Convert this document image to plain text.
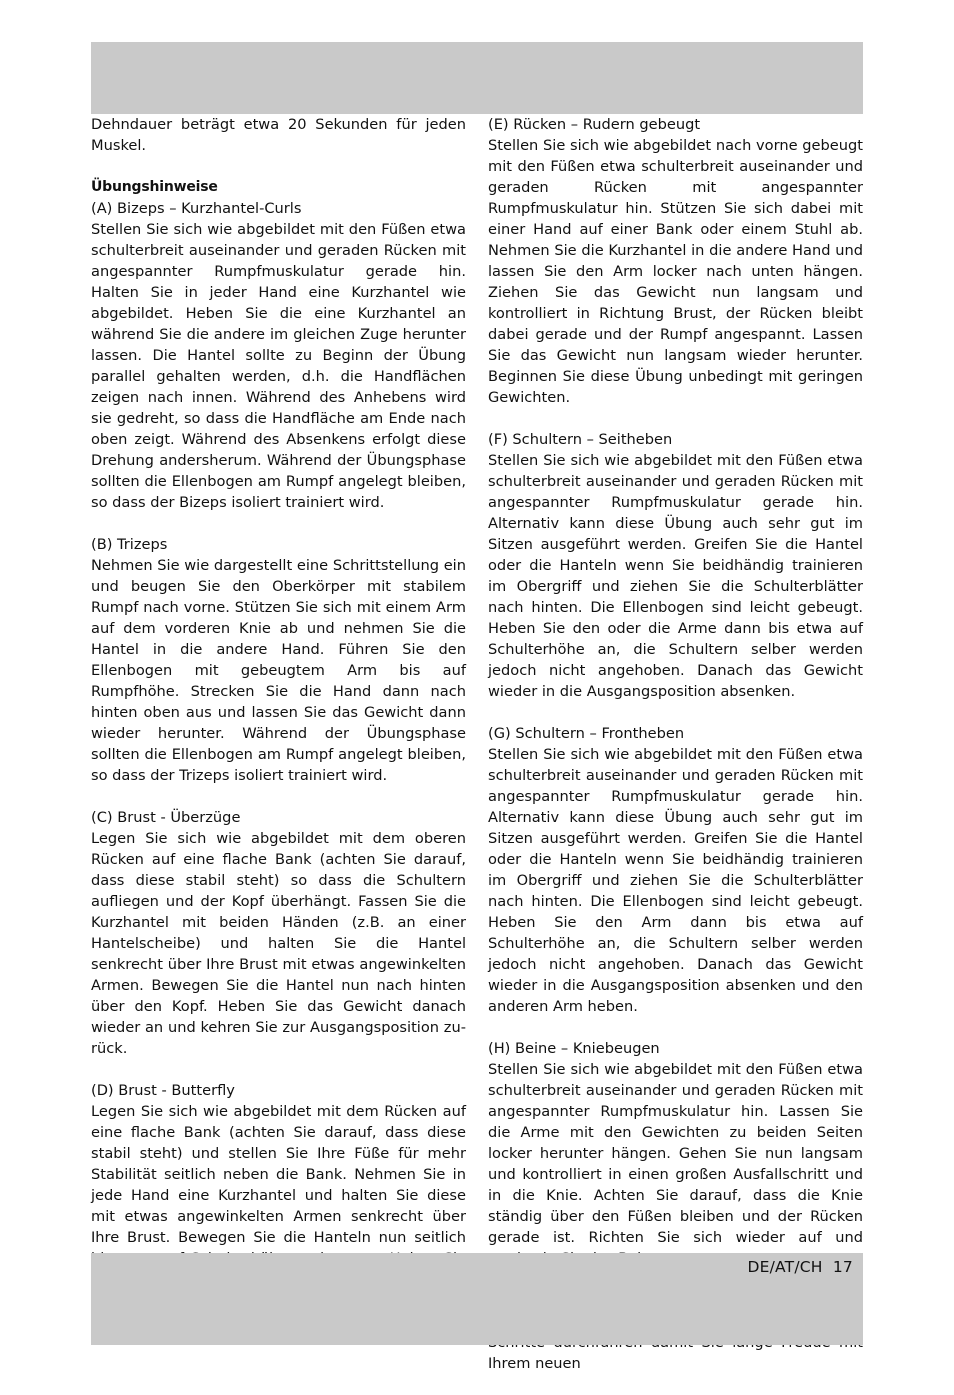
Dehndauer beträgt etwa 20 Sekunden für jeden Muskel.

Übungshinweise
(A) Bizeps – Kurzhantel-Curls
Stellen Sie sich wie abgebildet mit den Füßen etwa schulterbreit auseinander und geraden Rücken mit angespannter Rumpfmuskulatur gerade hin. Halten Sie in jeder Hand eine Kurzhantel wie abgebildet. Heben Sie die eine Kurzhantel an während Sie die andere im gleichen Zuge herunter lassen. Die Hantel sollte zu Beginn der Übung parallel gehalten werden, d.h. die Handflächen zeigen nach innen. Während des Anhebens wird sie gedreht, so dass die Handfläche am Ende nach oben zeigt. Während des Absenkens erfolgt diese Drehung andersherum. Während der Übungsphase sollten die Ellenbogen am Rumpf angelegt bleiben, so dass der Bizeps isoliert trainiert wird.

(B) Trizeps
Nehmen Sie wie dargestellt eine Schrittstellung ein und beugen Sie den Oberkörper mit stabilem Rumpf nach vorne. Stützen Sie sich mit einem Arm auf dem vorderen Knie ab und nehmen Sie die Hantel in die andere Hand. Führen Sie den Ellenbogen mit gebeugtem Arm bis auf Rumpfhöhe. Strecken Sie die Hand dann nach hinten oben aus und lassen Sie das Gewicht dann wieder herunter. Während der Übungsphase sollten die Ellenbogen am Rumpf angelegt bleiben, so dass der Trizeps isoliert trainiert wird.

(C) Brust - Überzüge
Legen Sie sich wie abgebildet mit dem oberen Rücken auf eine flache Bank (achten Sie darauf, dass diese stabil steht) so dass die Schultern aufliegen und der Kopf überhängt. Fassen Sie die Kurzhantel mit beiden Händen (z.B. an einer Hantelscheibe) und halten Sie die Hantel senkrecht über Ihre Brust mit etwas angewinkelten Armen. Bewegen Sie die Hantel nun nach hinten über den Kopf. Heben Sie das Gewicht danach wieder an und kehren Sie zur Ausgangsposition zurück.

(D) Brust - Butterfly
Legen Sie sich wie abgebildet mit dem Rücken auf eine flache Bank (achten Sie darauf, dass diese stabil steht) und stellen Sie Ihre Füße für mehr Stabilität seitlich neben die Bank. Nehmen Sie in jede Hand eine Kurzhantel und halten Sie diese mit etwas angewinkelten Armen senkrecht über Ihre Brust. Bewegen Sie die Hanteln nun seitlich

(E) Rücken – Rudern gebeugt
Stellen Sie sich wie abgebildet nach vorne gebeugt mit den Füßen etwa schulterbreit auseinander und geraden Rücken mit angespannter Rumpfmuskulatur hin. Stützen Sie sich dabei mit einer Hand auf einer Bank oder einem Stuhl ab. Nehmen Sie die Kurzhantel in die andere Hand und lassen Sie den Arm locker nach unten hängen. Ziehen Sie das Gewicht nun langsam und kontrolliert in Richtung Brust, der Rücken bleibt dabei gerade und der Rumpf angespannt. Lassen Sie das Gewicht nun langsam wieder herunter. Beginnen Sie diese Übung unbedingt mit geringen Gewichten.

(F) Schultern – Seitheben
Stellen Sie sich wie abgebildet mit den Füßen etwa schulterbreit auseinander und geraden Rücken mit angespannter Rumpfmuskulatur gerade hin. Alternativ kann diese Übung auch sehr gut im Sitzen ausgeführt werden. Greifen Sie die Hantel oder die Hanteln wenn Sie beidhändig trainieren im Obergriff und ziehen Sie die Schulterblätter nach hinten. Die Ellenbogen sind leicht gebeugt. Heben Sie den oder die Arme dann bis etwa auf Schulterhöhe an, die Schultern selber werden jedoch nicht angehoben. Danach das Gewicht wieder in die Ausgangsposition absenken.

(G) Schultern – Frontheben
Stellen Sie sich wie abgebildet mit den Füßen etwa schulterbreit auseinander und geraden Rücken mit angespannter Rumpfmuskulatur gerade hin. Alternativ kann diese Übung auch sehr gut im Sitzen ausgeführt werden. Greifen Sie die Hantel oder die Hanteln wenn Sie beidhändig trainieren im Obergriff und ziehen Sie die Schulterblätter nach hinten. Die Ellenbogen sind leicht gebeugt. Heben Sie den Arm dann bis etwa auf Schulterhöhe an, die Schultern selber werden jedoch nicht angehoben. Danach das Gewicht wieder in die Ausgangsposition absenken und den anderen Arm heben.

(H) Beine – Kniebeugen
Stellen Sie sich wie abgebildet mit den Füßen etwa schulterbreit auseinander und geraden Rücken mit angespannter Rumpfmuskulatur hin. Lassen Sie die Arme mit den Gewichten zu beiden Seiten locker herunter hängen. Gehen Sie nun langsam und kontrolliert in einen großen Ausfallschritt und in die Knie. Achten Sie darauf, dass die Knie ständig über den Füßen bleiben und der Rücken gerade ist. Richten Sie sich wieder auf und

Ihrem neuen

DE/AT/CH  17
